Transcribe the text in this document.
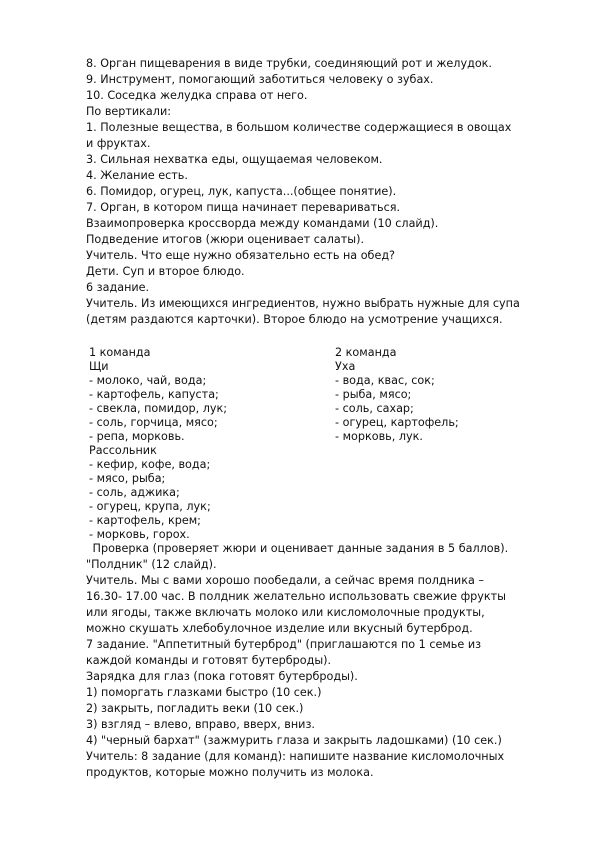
8. Орган пищеварения в виде трубки, соединяющий рот и желудок.
9. Инструмент, помогающий заботиться человеку о зубах.
10. Соседка желудка справа от него.
По вертикали:
1. Полезные вещества, в большом количестве содержащиеся в овощах
и фруктах.
3. Сильная нехватка еды, ощущаемая человеком.
4. Желание есть.
6. Помидор, огурец, лук, капуста...(общее понятие).
7. Орган, в котором пища начинает перевариваться.
Взаимопроверка кроссворда между командами (10 слайд).
Подведение итогов (жюри оценивает салаты).
Учитель. Что еще нужно обязательно есть на обед?
Дети. Суп и второе блюдо.
6 задание.
Учитель. Из имеющихся ингредиентов, нужно выбрать нужные для супа
(детям раздаются карточки). Второе блюдо на усмотрение учащихся.
1 команда
Щи
- молоко, чай, вода;
- картофель, капуста;
- свекла, помидор, лук;
- соль, горчица, мясо;
- репа, морковь.
Рассольник
- кефир, кофе, вода;
- мясо, рыба;
- соль, аджика;
- огурец, крупа, лук;
- картофель, крем;
- морковь, горох.
2 команда
Уха
- вода, квас, сок;
- рыба, мясо;
- соль, сахар;
- огурец, картофель;
- морковь, лук.
Проверка (проверяет жюри и оценивает данные задания в 5 баллов).
"Полдник" (12 слайд).
Учитель. Мы с вами хорошо пообедали, а сейчас время полдника –
16.30- 17.00 час. В полдник желательно использовать свежие фрукты
или ягоды, также включать молоко или кисломолочные продукты,
можно скушать хлебобулочное изделие или вкусный бутерброд.
7 задание. "Аппетитный бутерброд" (приглашаются по 1 семье из
каждой команды и готовят бутерброды).
Зарядка для глаз (пока готовят бутерброды).
1) поморгать глазками быстро (10 сек.)
2) закрыть, погладить веки (10 сек.)
3) взгляд – влево, вправо, вверх, вниз.
4) "черный бархат" (зажмурить глаза и закрыть ладошками) (10 сек.)
Учитель: 8 задание (для команд): напишите название кисломолочных
продуктов, которые можно получить из молока.
